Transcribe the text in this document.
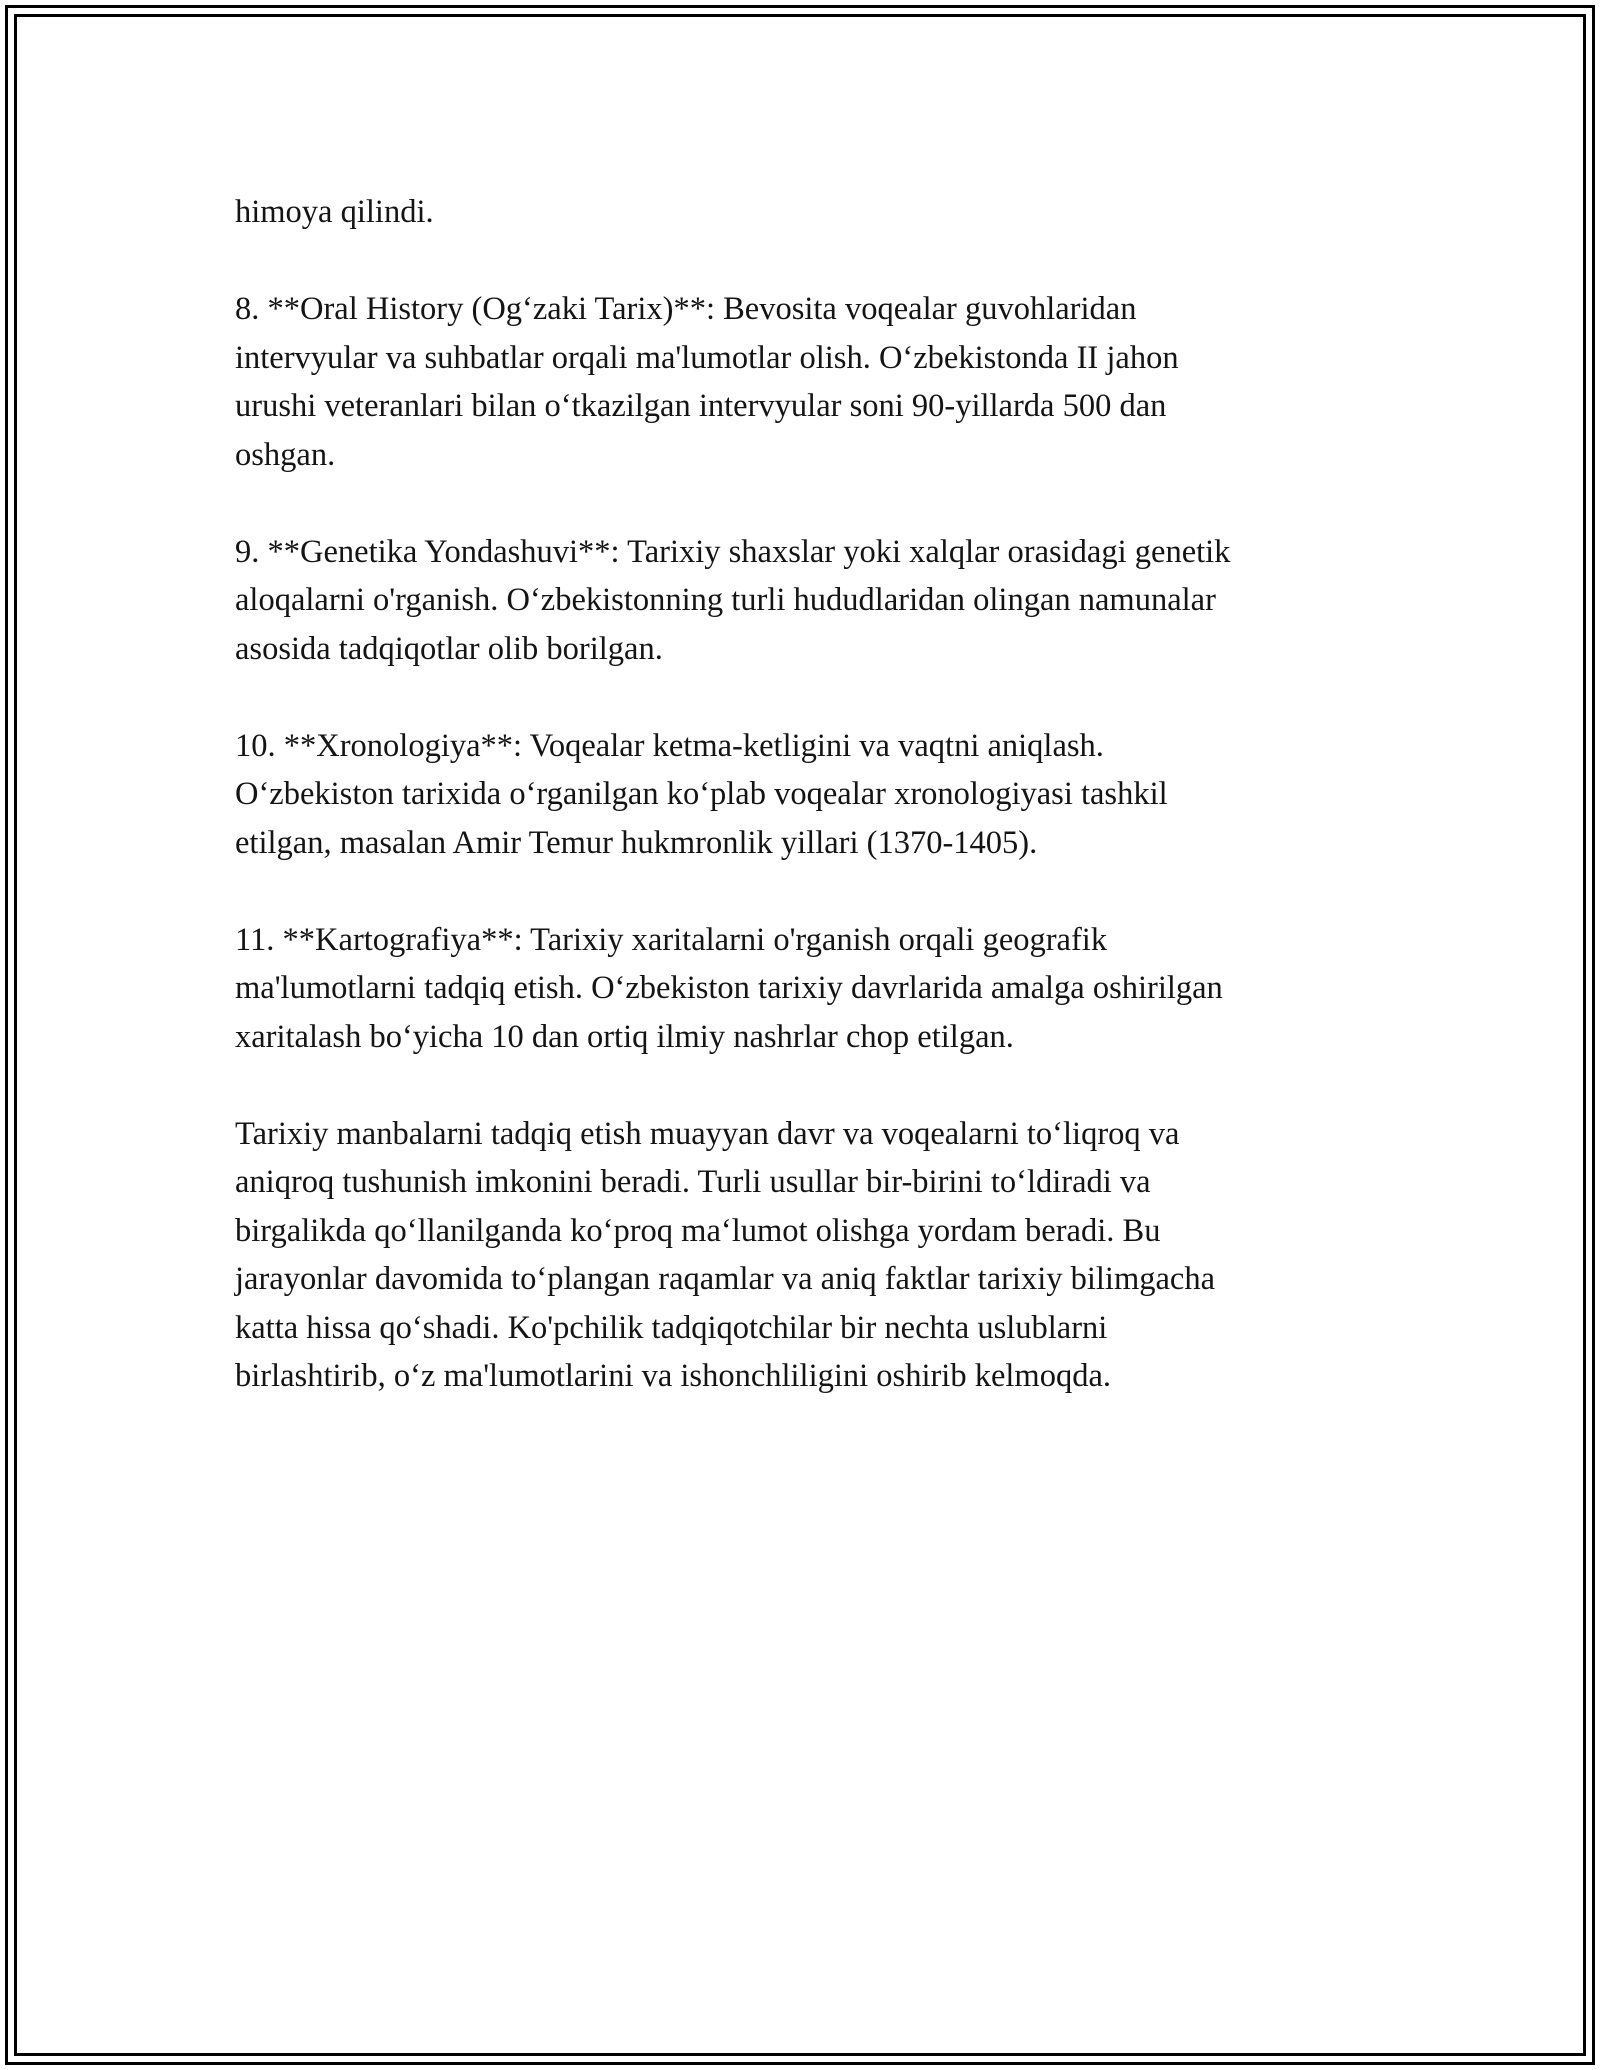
himoya qilindi.

8. **Oral History (Og‘zaki Tarix)**: Bevosita voqealar guvohlaridan
intervyular va suhbatlar orqali ma'lumotlar olish. O‘zbekistonda II jahon
urushi veteranlari bilan o‘tkazilgan intervyular soni 90-yillarda 500 dan
oshgan.

9. **Genetika Yondashuvi**: Tarixiy shaxslar yoki xalqlar orasidagi genetik
aloqalarni o'rganish. O‘zbekistonning turli hududlaridan olingan namunalar
asosida tadqiqotlar olib borilgan.

10. **Xronologiya**: Voqealar ketma-ketligini va vaqtni aniqlash.
O‘zbekiston tarixida o‘rganilgan ko‘plab voqealar xronologiyasi tashkil
etilgan, masalan Amir Temur hukmronlik yillari (1370-1405).

11. **Kartografiya**: Tarixiy xaritalarni o'rganish orqali geografik
ma'lumotlarni tadqiq etish. O‘zbekiston tarixiy davrlarida amalga oshirilgan
xaritalash bo‘yicha 10 dan ortiq ilmiy nashrlar chop etilgan.

Tarixiy manbalarni tadqiq etish muayyan davr va voqealarni to‘liqroq va
aniqroq tushunish imkonini beradi. Turli usullar bir-birini to‘ldiradi va
birgalikda qo‘llanilganda ko‘proq ma‘lumot olishga yordam beradi. Bu
jarayonlar davomida to‘plangan raqamlar va aniq faktlar tarixiy bilimgacha
katta hissa qo‘shadi. Ko'pchilik tadqiqotchilar bir nechta uslublarni
birlashtirib, o‘z ma'lumotlarini va ishonchliligini oshirib kelmoqda.
